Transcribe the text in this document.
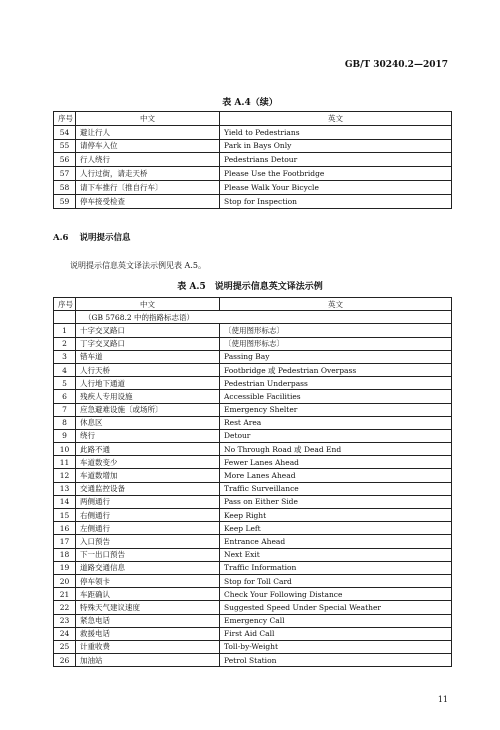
GB/T 30240.2—2017
表 A.4（续）
序号	中文	英文
54	避让行人	Yield to Pedestrians
55	请停车入位	Park in Bays Only
56	行人绕行	Pedestrians Detour
57	人行过街，请走天桥	Please Use the Footbridge
58	请下车推行〔推自行车〕	Please Walk Your Bicycle
59	停车接受检查	Stop for Inspection
A.6 说明提示信息
说明提示信息英文译法示例见表 A.5。
表 A.5　说明提示信息英文译法示例
序号	中文	英文
	（GB 5768.2 中的指路标志语）	
1	十字交叉路口	〔使用图形标志〕
2	丁字交叉路口	〔使用图形标志〕
3	错车道	Passing Bay
4	人行天桥	Footbridge 或 Pedestrian Overpass
5	人行地下通道	Pedestrian Underpass
6	残疾人专用设施	Accessible Facilities
7	应急避难设施〔或场所〕	Emergency Shelter
8	休息区	Rest Area
9	绕行	Detour
10	此路不通	No Through Road 或 Dead End
11	车道数变少	Fewer Lanes Ahead
12	车道数增加	More Lanes Ahead
13	交通监控设备	Traffic Surveillance
14	两侧通行	Pass on Either Side
15	右侧通行	Keep Right
16	左侧通行	Keep Left
17	入口预告	Entrance Ahead
18	下一出口预告	Next Exit
19	道路交通信息	Traffic Information
20	停车领卡	Stop for Toll Card
21	车距确认	Check Your Following Distance
22	特殊天气建议速度	Suggested Speed Under Special Weather
23	紧急电话	Emergency Call
24	救援电话	First Aid Call
25	计重收费	Toll-by-Weight
26	加油站	Petrol Station
11
